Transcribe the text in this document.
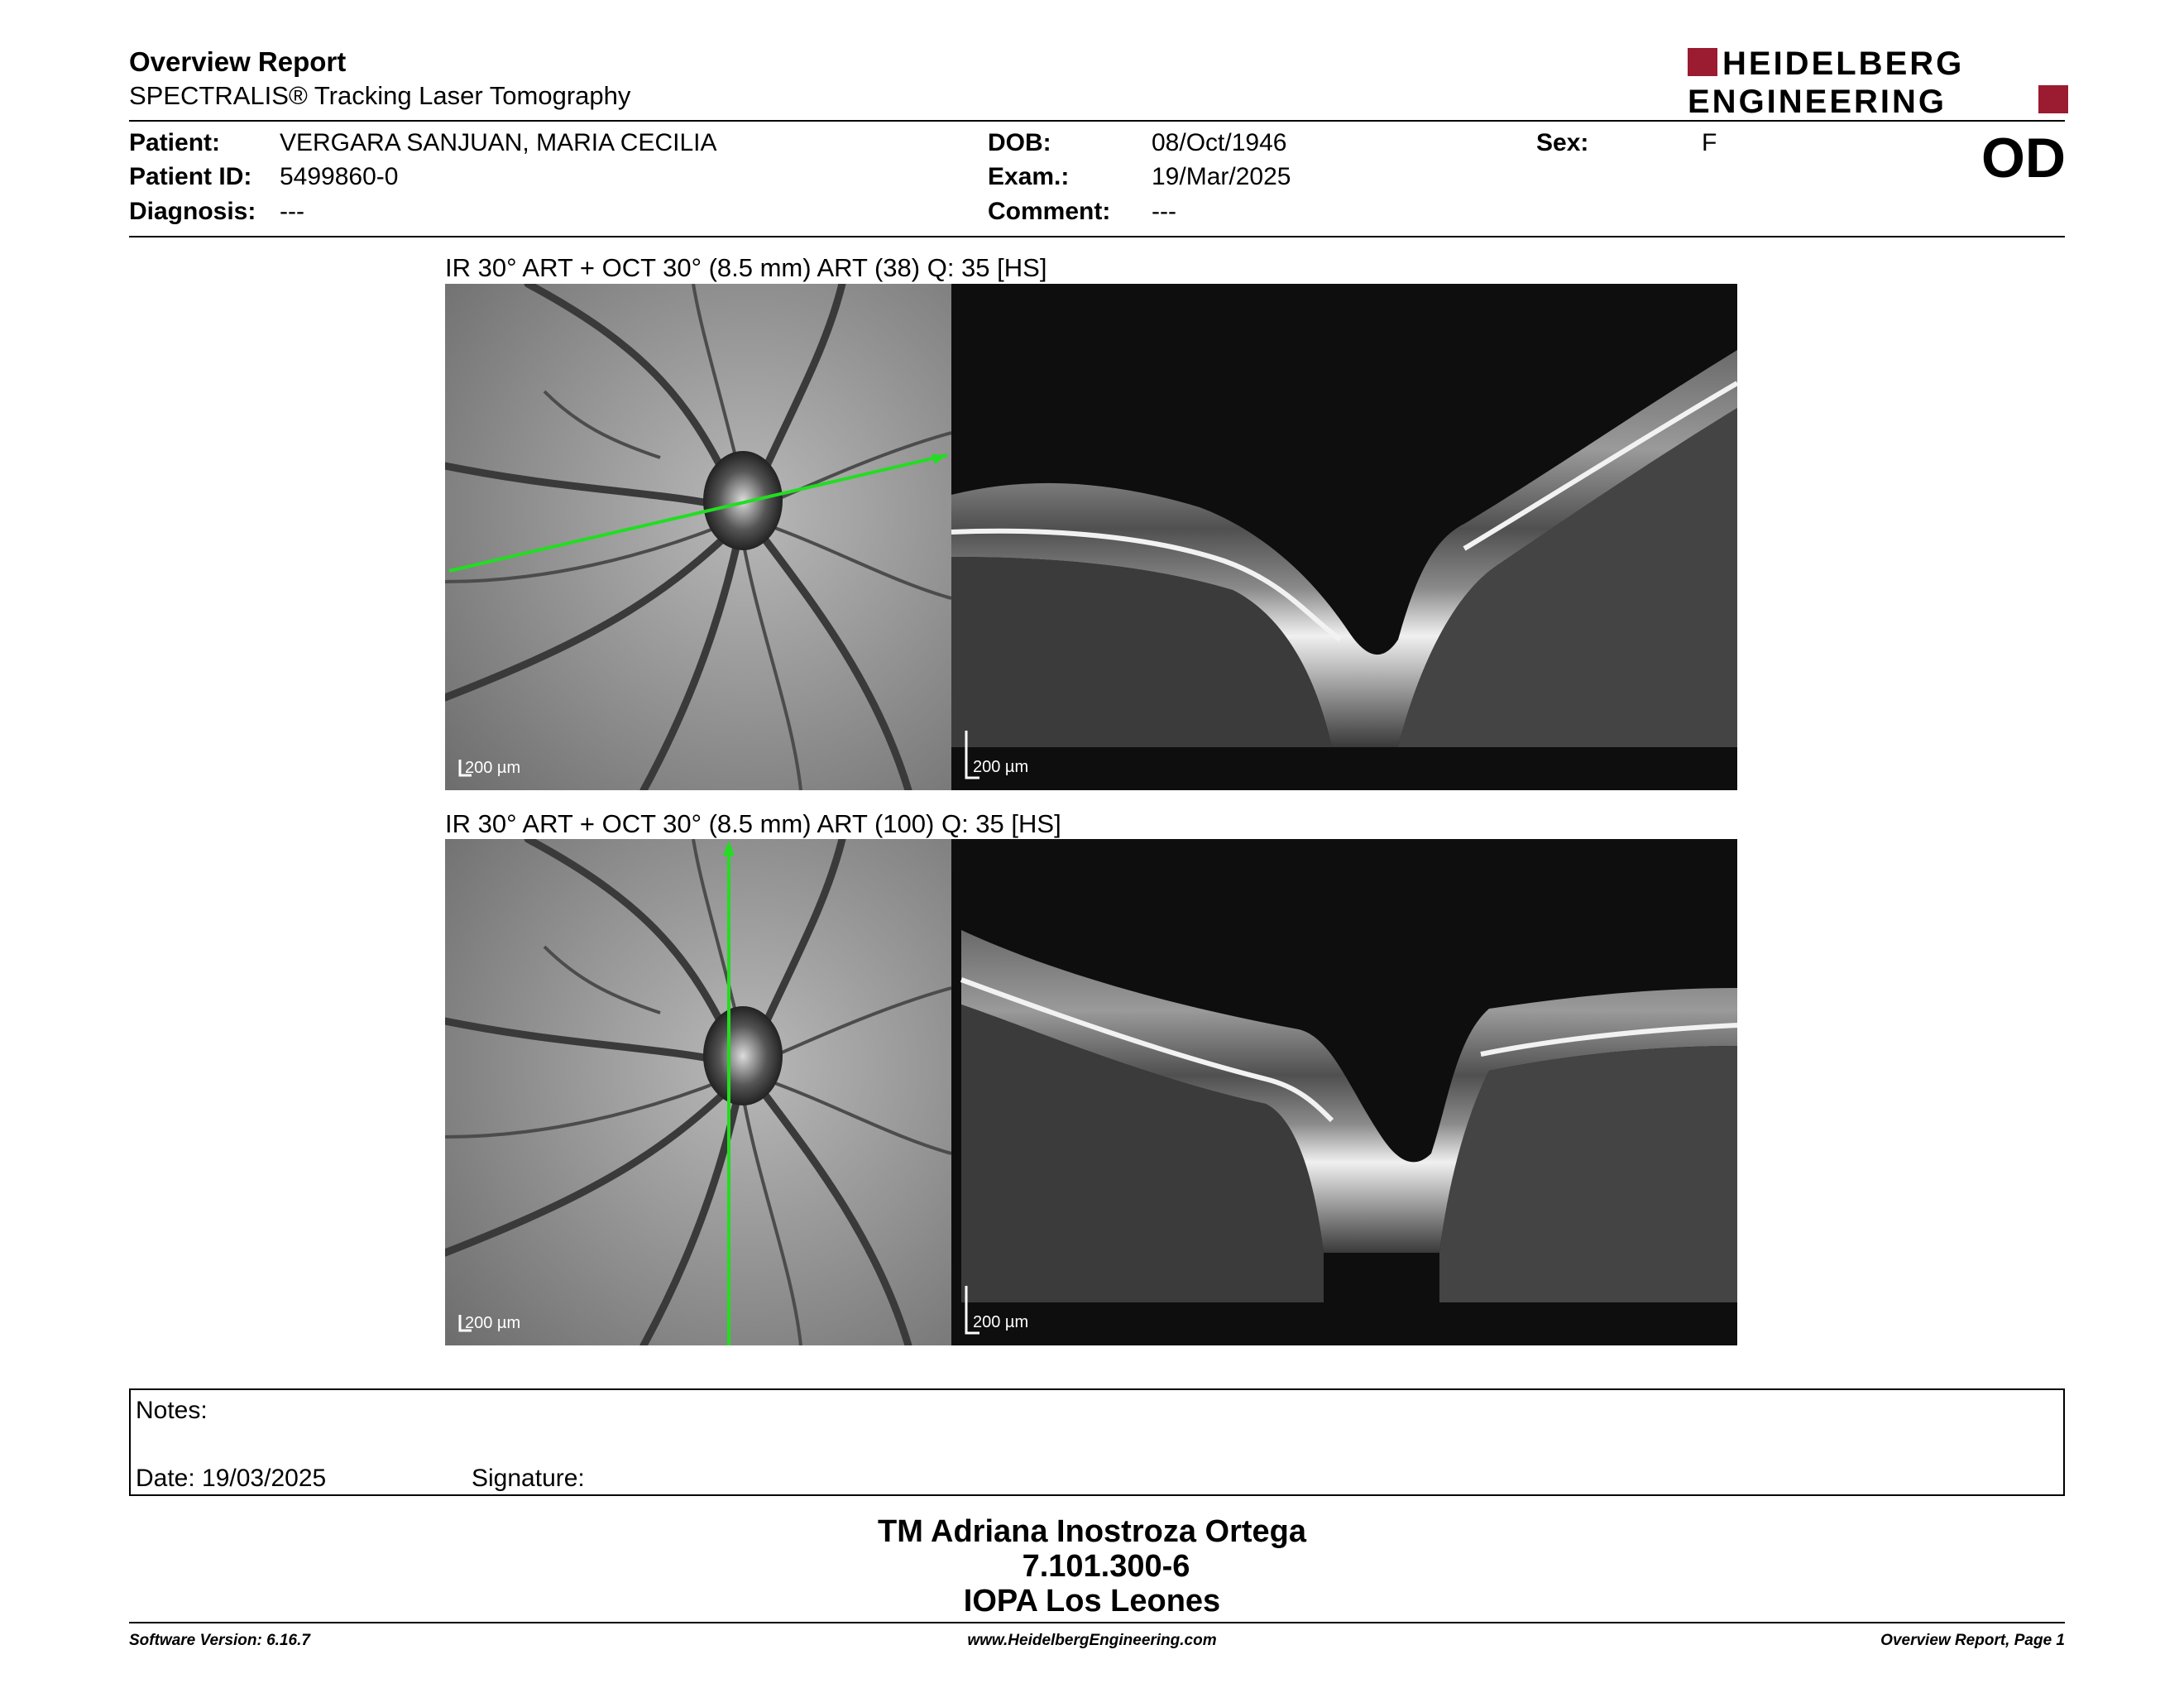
Overview Report
SPECTRALIS® Tracking Laser Tomography
HEIDELBERG
ENGINEERING
Patient: VERGARA SANJUAN, MARIA CECILIA
Patient ID: 5499860-0
Diagnosis: ---
DOB:	08/Oct/1946
Exam.:	19/Mar/2025
Comment: ---
Sex:	F	OD
IR 30° ART + OCT 30° (8.5 mm) ART (38) Q: 35 [HS]
200 µm	200 µm
IR 30° ART + OCT 30° (8.5 mm) ART (100) Q: 35 [HS]
200 µm	200 µm
Notes:
Date: 19/03/2025	Signature:
TM Adriana Inostroza Ortega
7.101.300-6
IOPA Los Leones
Software Version: 6.16.7	www.HeidelbergEngineering.com	Overview Report, Page 1
